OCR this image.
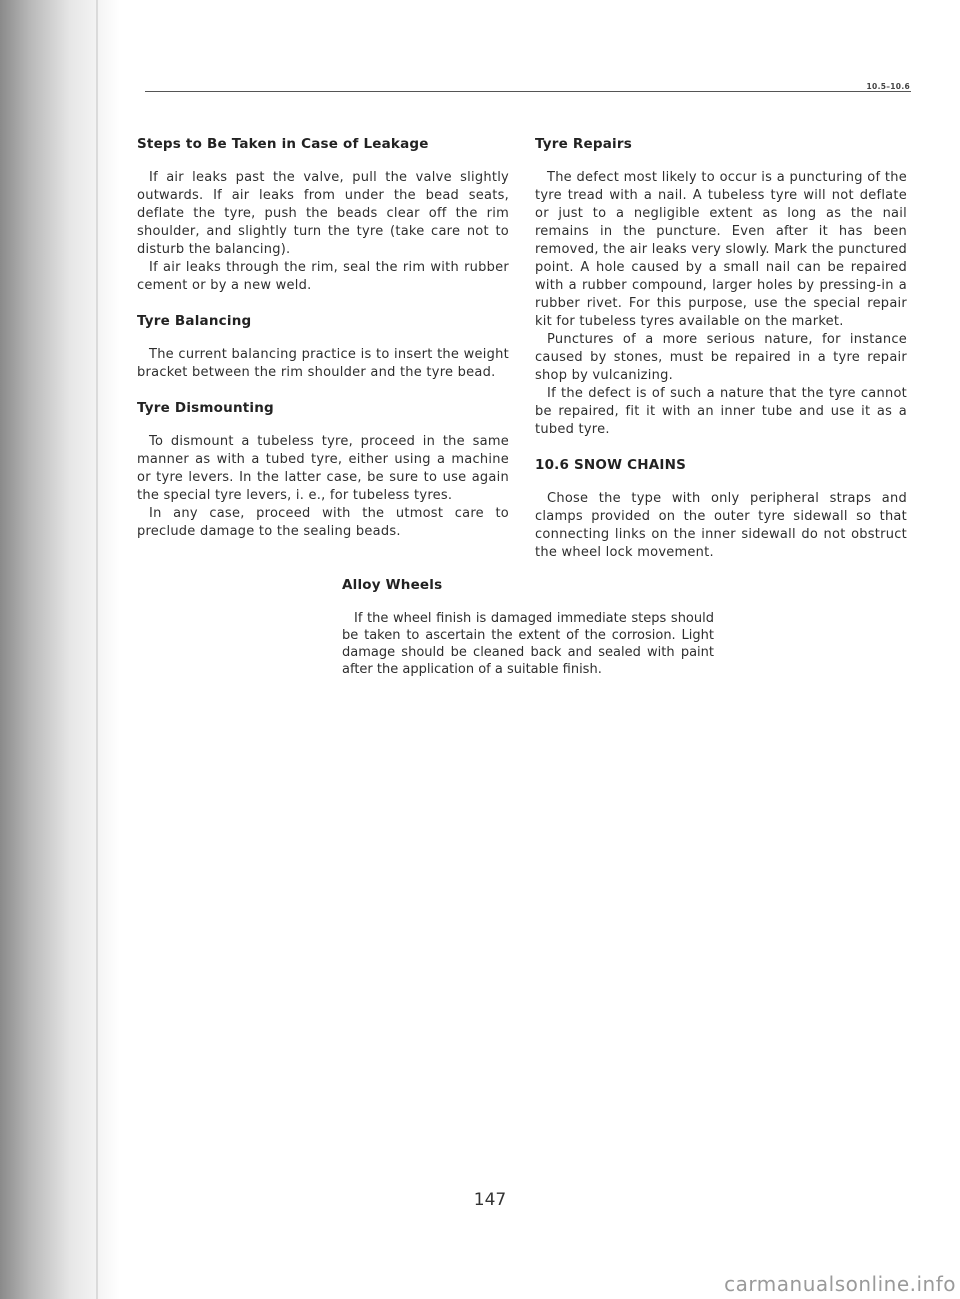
10.5–10.6
Steps to Be Taken in Case of Leakage

If air leaks past the valve, pull the valve slightly outwards. If air leaks from under the bead seats, deflate the tyre, push the beads clear off the rim shoulder, and slightly turn the tyre (take care not to disturb the balancing).

If air leaks through the rim, seal the rim with rubber cement or by a new weld.

Tyre Balancing

The current balancing practice is to insert the weight bracket between the rim shoulder and the tyre bead.

Tyre Dismounting

To dismount a tubeless tyre, proceed in the same manner as with a tubed tyre, either using a machine or tyre levers. In the latter case, be sure to use again the special tyre levers, i. e., for tubeless tyres.

In any case, proceed with the utmost care to preclude damage to the sealing beads.

Tyre Repairs

The defect most likely to occur is a puncturing of the tyre tread with a nail. A tubeless tyre will not deflate or just to a negligible extent as long as the nail remains in the puncture. Even after it has been removed, the air leaks very slowly. Mark the punctured point. A hole caused by a small nail can be repaired with a rubber compound, larger holes by pressing-in a rubber rivet. For this purpose, use the special repair kit for tubeless tyres available on the market.

Punctures of a more serious nature, for instance caused by stones, must be repaired in a tyre repair shop by vulcanizing.

If the defect is of such a nature that the tyre cannot be repaired, fit it with an inner tube and use it as a tubed tyre.

10.6 SNOW CHAINS

Chose the type with only peripheral straps and clamps provided on the outer tyre sidewall so that connecting links on the inner sidewall do not obstruct the wheel lock movement.

Alloy Wheels

If the wheel finish is damaged immediate steps should be taken to ascertain the extent of the corrosion. Light damage should be cleaned back and sealed with paint after the application of a suitable finish.

147
carmanualsonline.info
